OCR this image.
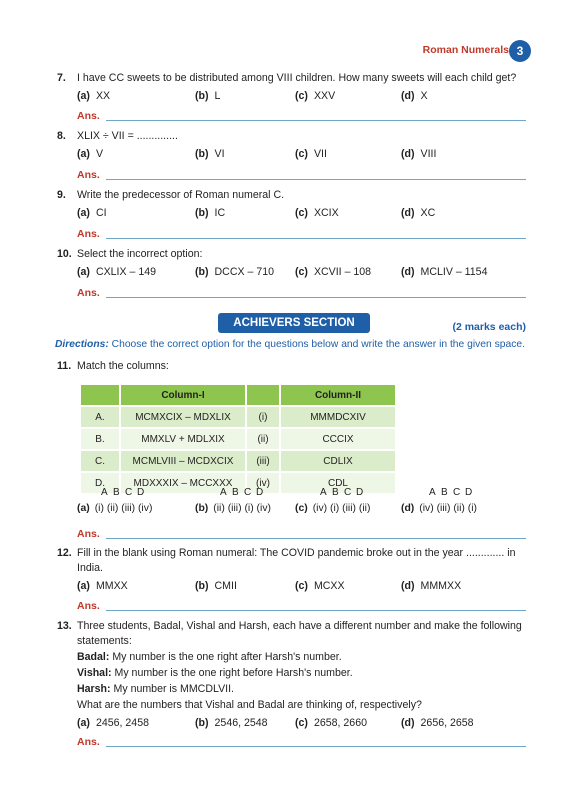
Roman Numerals 3
7.	I have CC sweets to be distributed among VIII children. How many sweets will each child get?
(a) XX	(b) L	(c) XXV	(d) X
Ans.
8.	XLIX ÷ VII = ..............
(a) V	(b) VI	(c) VII	(d) VIII
Ans.
9.	Write the predecessor of Roman numeral C.
(a) CI	(b) IC	(c) XCIX	(d) XC
Ans.
10. Select the incorrect option:
(a) CXLIX – 149	(b) DCCX – 710 (c) XCVII – 108	(d) MCLIV – 1154
Ans.
ACHIEVERS SECTION	(2 marks each)
Directions: Choose the correct option for the questions below and write the answer in the given space.
11. Match the columns:
	Column-I		Column-II
A.	MCMXCIX – MDXLIX	(i)	MMMDCXIV
B.	MMXLV + MDLXIX	(ii)	CCCIX
C.	MCMLVIII – MCDXCIX	(iii)	CDLIX
D.	MDXXXIX – MCCXXX	(iv)	CDL
A B C D	A B C D	A B C D	A B C D
(a) (i) (ii) (iii) (iv)	(b) (ii) (iii) (i) (iv) (c) (iv) (i) (iii) (ii)	(d) (iv) (iii) (ii) (i)
Ans.
12. Fill in the blank using Roman numeral: The COVID pandemic broke out in the year ............. in India.
(a) MMXX	(b) CMII	(c) MCXX	(d) MMMXX
Ans.
13. Three students, Badal, Vishal and Harsh, each have a different number and make the following statements:
Badal: My number is the one right after Harsh's number.
Vishal: My number is the one right before Harsh's number.
Harsh: My number is MMCDLVII.
What are the numbers that Vishal and Badal are thinking of, respectively?
(a) 2456, 2458	(b) 2546, 2548	(c) 2658, 2660	(d) 2656, 2658
Ans.
